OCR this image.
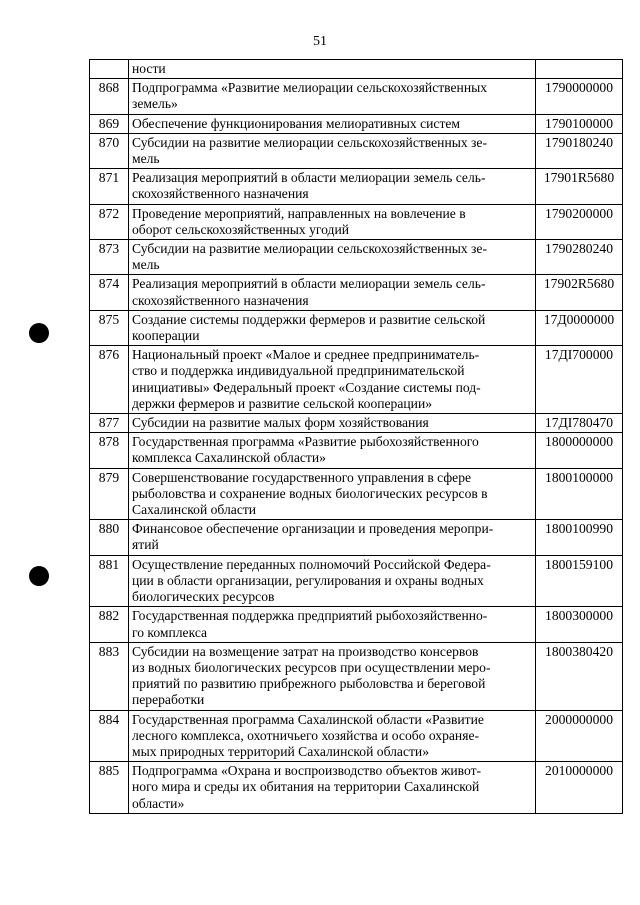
51

	ности	

868	Подпрограмма «Развитие мелиорации сельскохозяйственных
земель»	1790000000
869	Обеспечение функционирования мелиоративных систем	1790100000
870	Субсидии на развитие мелиорации сельскохозяйственных зе-
мель	1790180240
871	Реализация мероприятий в области мелиорации земель сель-
скохозяйственного назначения	17901R5680
872	Проведение мероприятий, направленных на вовлечение в
оборот сельскохозяйственных угодий	1790200000
873	Субсидии на развитие мелиорации сельскохозяйственных зе-
мель	1790280240
874	Реализация мероприятий в области мелиорации земель сель-
скохозяйственного назначения	17902R5680
875	Создание системы поддержки фермеров и развитие сельской
кооперации	17Д0000000
876	Национальный проект «Малое и среднее предприниматель-
ство и поддержка индивидуальной предпринимательской
инициативы» Федеральный проект «Создание системы под-
держки фермеров и развитие сельской кооперации»	17ДI700000
877	Субсидии на развитие малых форм хозяйствования	17ДI780470
878	Государственная программа «Развитие рыбохозяйственного
комплекса Сахалинской области»	1800000000
879	Совершенствование государственного управления в сфере
рыболовства и сохранение водных биологических ресурсов в
Сахалинской области	1800100000
880	Финансовое обеспечение организации и проведения меропри-
ятий	1800100990
881	Осуществление переданных полномочий Российской Федера-
ции в области организации, регулирования и охраны водных
биологических ресурсов	1800159100
882	Государственная поддержка предприятий рыбохозяйственно-
го комплекса	1800300000
883	Субсидии на возмещение затрат на производство консервов
из водных биологических ресурсов при осуществлении меро-
приятий по развитию прибрежного рыболовства и береговой
переработки	1800380420
884	Государственная программа Сахалинской области «Развитие
лесного комплекса, охотничьего хозяйства и особо охраняе-
мых природных территорий Сахалинской области»	2000000000
885	Подпрограмма «Охрана и воспроизводство объектов живот-
ного мира и среды их обитания на территории Сахалинской
области»	2010000000
